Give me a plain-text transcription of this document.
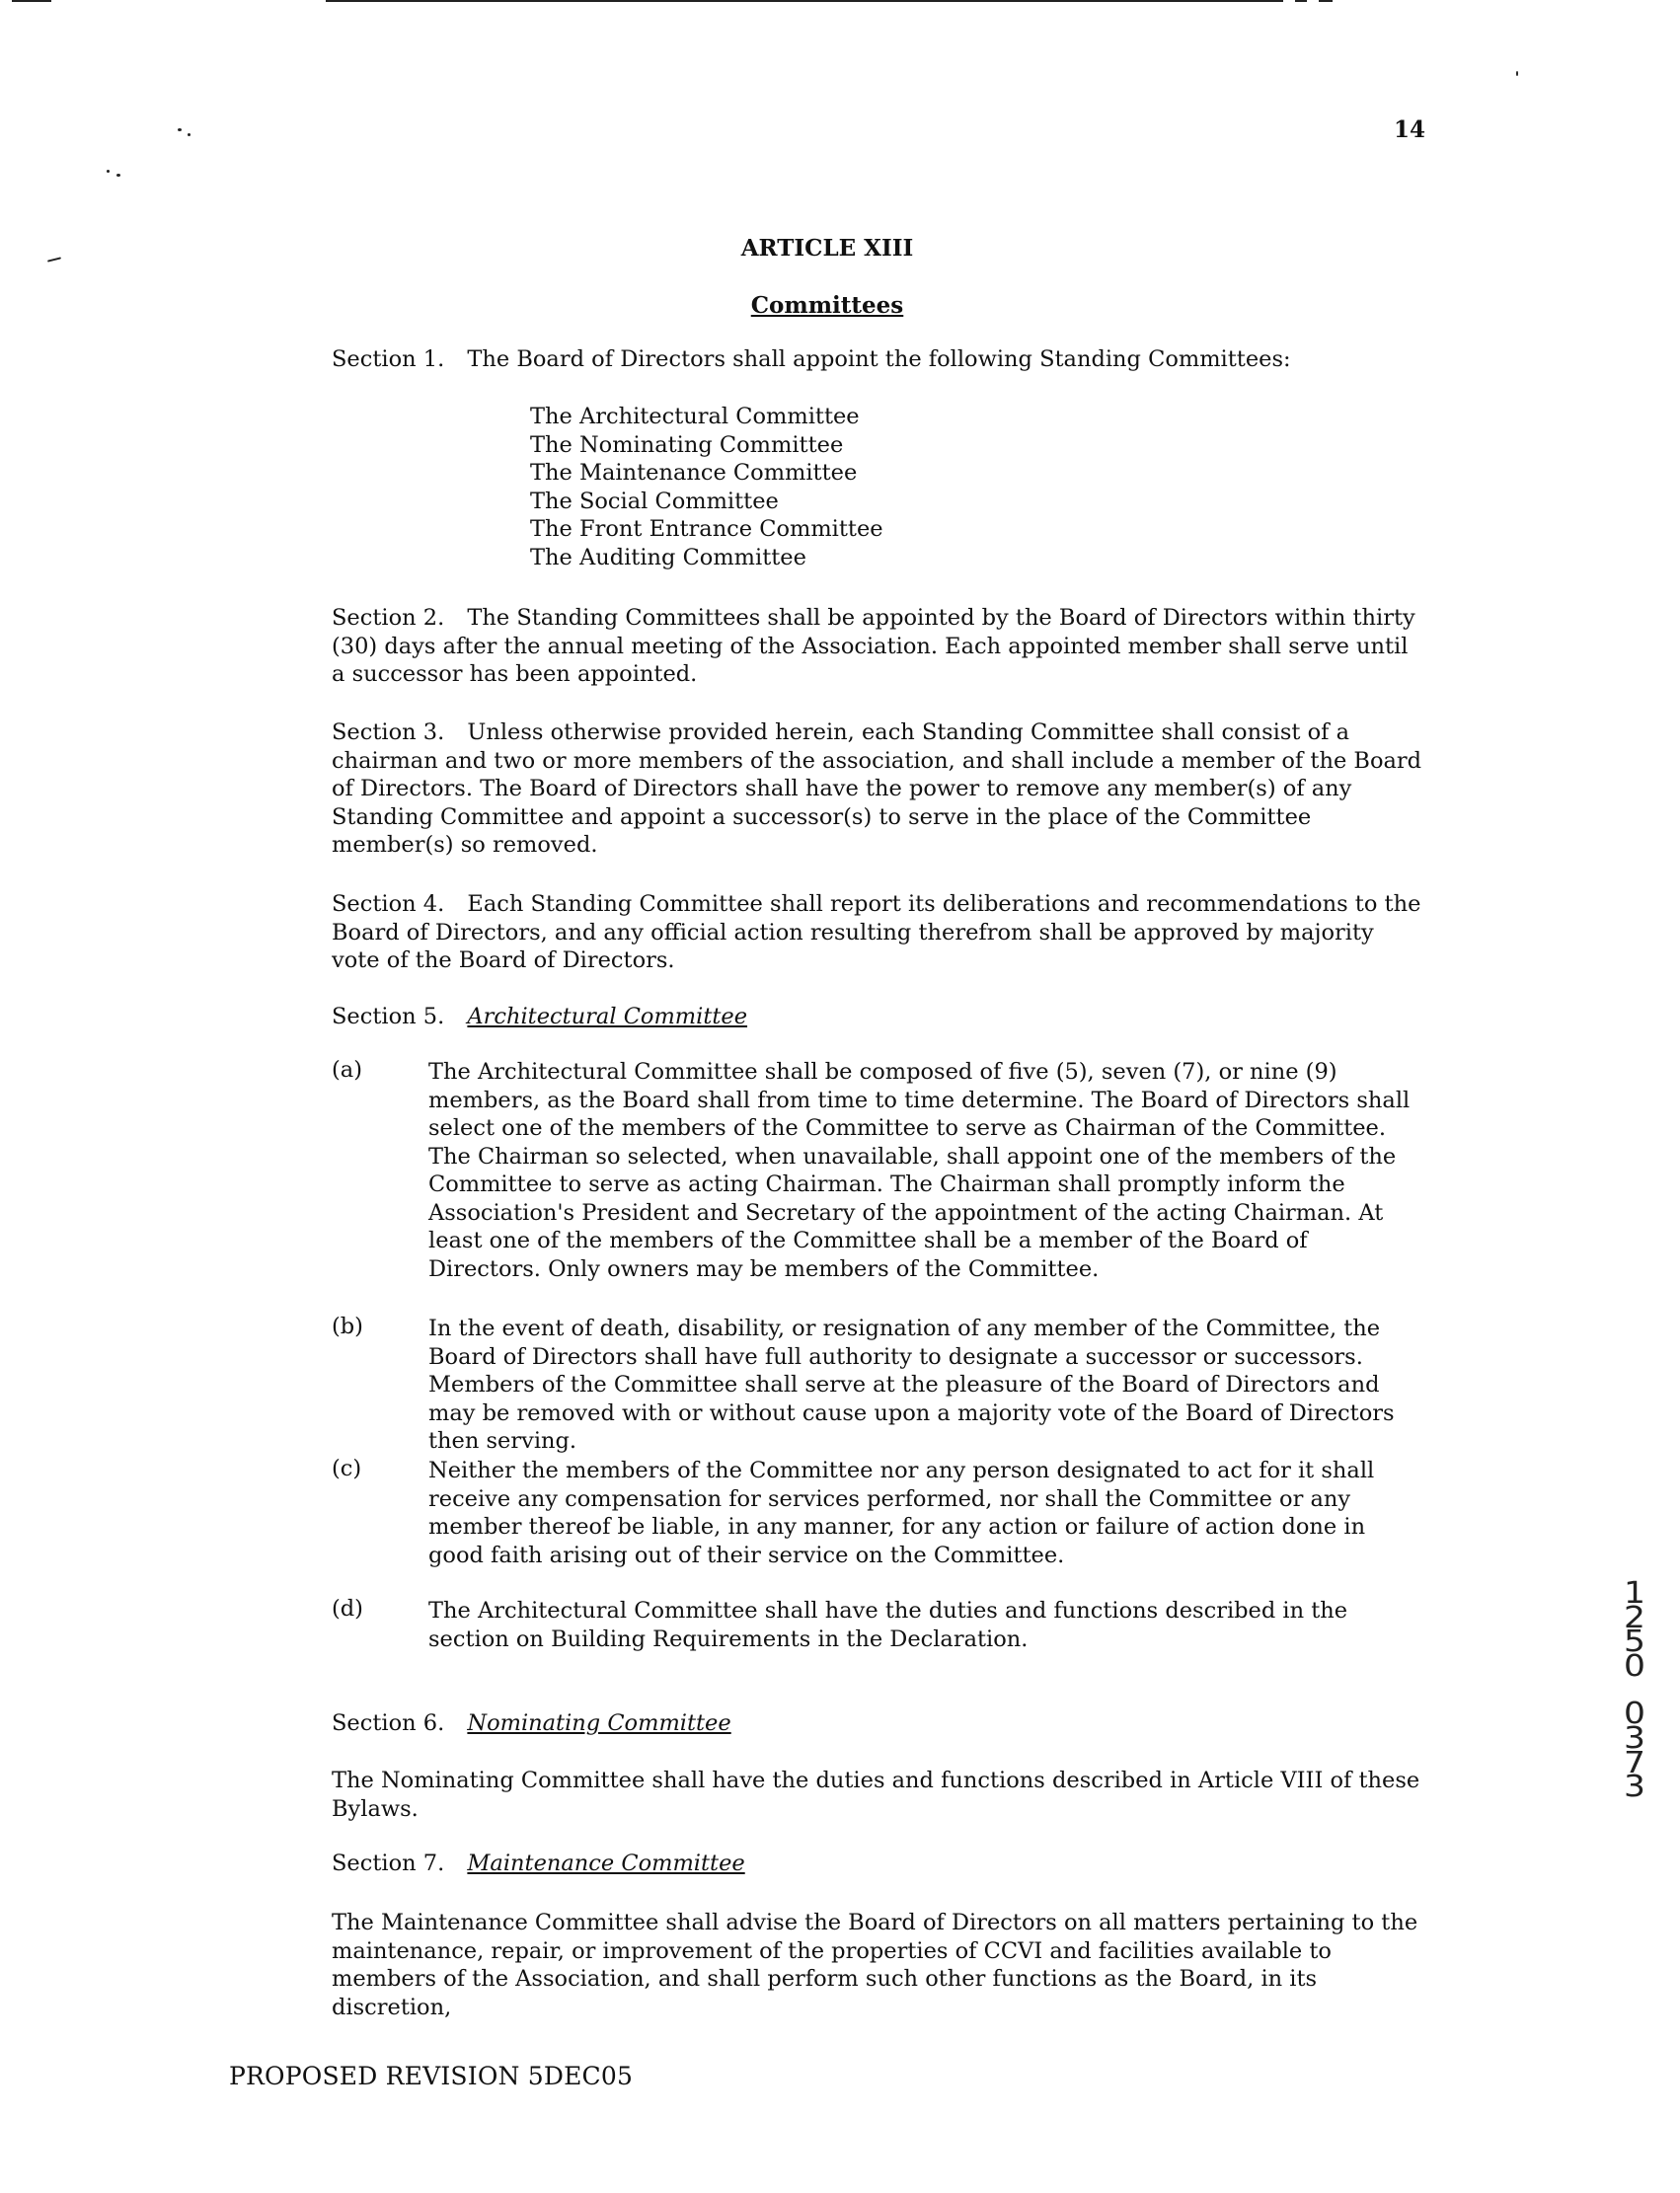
14
ARTICLE XIII
Committees
Section 1. The Board of Directors shall appoint the following Standing Committees:
The Architectural Committee
The Nominating Committee
The Maintenance Committee
The Social Committee
The Front Entrance Committee
The Auditing Committee
Section 2. The Standing Committees shall be appointed by the Board of Directors within thirty (30) days after the annual meeting of the Association. Each appointed member shall serve until a successor has been appointed.
Section 3. Unless otherwise provided herein, each Standing Committee shall consist of a chairman and two or more members of the association, and shall include a member of the Board of Directors. The Board of Directors shall have the power to remove any member(s) of any Standing Committee and appoint a successor(s) to serve in the place of the Committee member(s) so removed.
Section 4. Each Standing Committee shall report its deliberations and recommendations to the Board of Directors, and any official action resulting therefrom shall be approved by majority vote of the Board of Directors.
Section 5. Architectural Committee
(a)	The Architectural Committee shall be composed of five (5), seven (7), or nine (9) members, as the Board shall from time to time determine. The Board of Directors shall select one of the members of the Committee to serve as Chairman of the Committee. The Chairman so selected, when unavailable, shall appoint one of the members of the Committee to serve as acting Chairman. The Chairman shall promptly inform the Association's President and Secretary of the appointment of the acting Chairman. At least one of the members of the Committee shall be a member of the Board of Directors. Only owners may be members of the Committee.
(b)	In the event of death, disability, or resignation of any member of the Committee, the Board of Directors shall have full authority to designate a successor or successors. Members of the Committee shall serve at the pleasure of the Board of Directors and may be removed with or without cause upon a majority vote of the Board of Directors then serving.
(c)	Neither the members of the Committee nor any person designated to act for it shall receive any compensation for services performed, nor shall the Committee or any member thereof be liable, in any manner, for any action or failure of action done in good faith arising out of their service on the Committee.
(d)	The Architectural Committee shall have the duties and functions described in the section on Building Requirements in the Declaration.
Section 6. Nominating Committee
The Nominating Committee shall have the duties and functions described in Article VIII of these Bylaws.
Section 7. Maintenance Committee
The Maintenance Committee shall advise the Board of Directors on all matters pertaining to the maintenance, repair, or improvement of the properties of CCVI and facilities available to members of the Association, and shall perform such other functions as the Board, in its discretion,
PROPOSED REVISION 5DEC05
1
2
5
0
0
3
7
3
